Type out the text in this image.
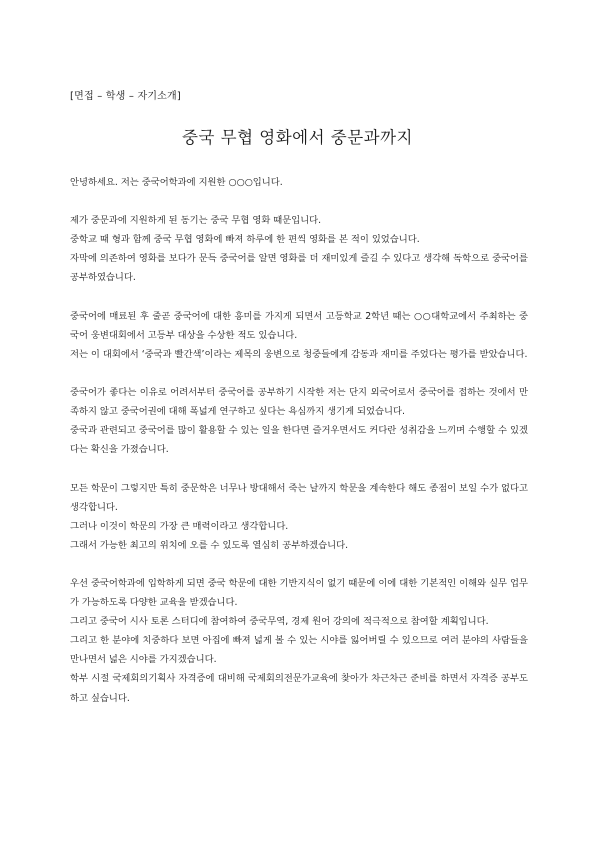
[면접 – 학생 – 자기소개]
중국 무협 영화에서 중문과까지

안녕하세요. 저는 중국어학과에 지원한 ○○○입니다.

제가 중문과에 지원하게 된 동기는 중국 무협 영화 때문입니다.

중학교 때 형과 함께 중국 무협 영화에 빠져 하루에 한 편씩 영화를 본 적이 있었습니다.

자막에 의존하여 영화를 보다가 문득 중국어를 알면 영화를 더 재미있게 즐길 수 있다고 생각해 독학으로 중국어를 공부하였습니다.

중국어에 매료된 후 줄곧 중국어에 대한 흥미를 가지게 되면서 고등학교 2학년 때는 ○○대학교에서 주최하는 중국어 웅변대회에서 고등부 대상을 수상한 적도 있습니다.

저는 이 대회에서 ‘중국과 빨간색’이라는 제목의 웅변으로 청중들에게 감동과 재미를 주었다는 평가를 받았습니다.

중국어가 좋다는 이유로 어려서부터 중국어를 공부하기 시작한 저는 단지 외국어로서 중국어를 접하는 것에서 만족하지 않고 중국어권에 대해 폭넓게 연구하고 싶다는 욕심까지 생기게 되었습니다.

중국과 관련되고 중국어를 많이 활용할 수 있는 일을 한다면 즐거우면서도 커다란 성취감을 느끼며 수행할 수 있겠다는 확신을 가졌습니다.

모든 학문이 그렇지만 특히 중문학은 너무나 방대해서 죽는 날까지 학문을 계속한다 해도 종점이 보일 수가 없다고 생각합니다.

그러나 이것이 학문의 가장 큰 매력이라고 생각합니다.

그래서 가능한 최고의 위치에 오를 수 있도록 열심히 공부하겠습니다.

우선 중국어학과에 입학하게 되면 중국 학문에 대한 기반지식이 없기 때문에 이에 대한 기본적인 이해와 실무 업무가 가능하도록 다양한 교육을 받겠습니다.

그리고 중국어 시사 토론 스터디에 참여하여 중국무역, 경제 원어 강의에 적극적으로 참여할 계획입니다.

그리고 한 분야에 치중하다 보면 아집에 빠져 넓게 볼 수 있는 시야를 잃어버릴 수 있으므로 여러 분야의 사람들을 만나면서 넓은 시야를 가지겠습니다.

학부 시절 국제회의기획사 자격증에 대비해 국제회의전문가교육에 찾아가 차근차근 준비를 하면서 자격증 공부도 하고 싶습니다.
